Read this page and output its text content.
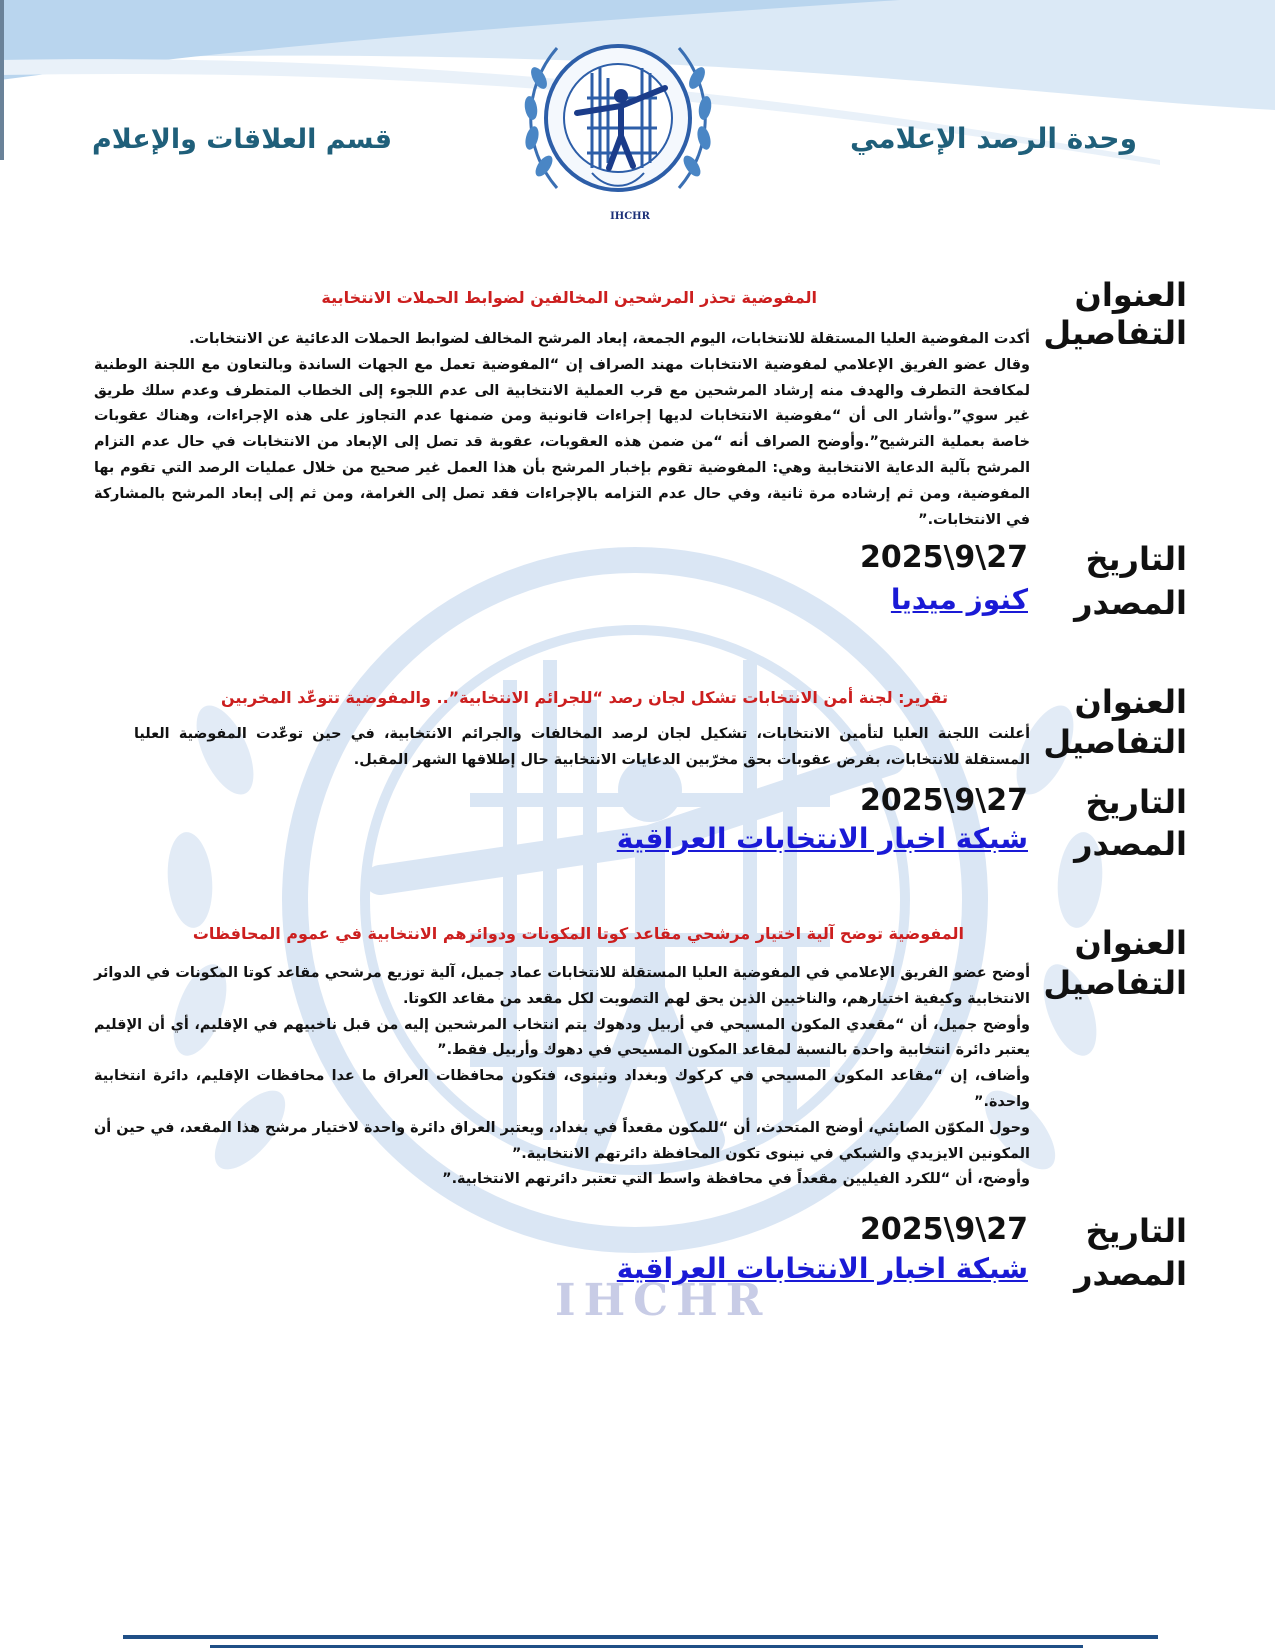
وحدة الرصد الإعلامي
قسم العلاقات والإعلام
IHCHR
IHCHR
العنوان
التفاصيل
المفوضية تحذر المرشحين المخالفين لضوابط الحملات الانتخابية

أكدت المفوضية العليا المستقلة للانتخابات، اليوم الجمعة، إبعاد المرشح المخالف لضوابط الحملات الدعائية عن الانتخابات.

وقال عضو الفريق الإعلامي لمفوضية الانتخابات مهند الصراف إن “المفوضية تعمل مع الجهات الساندة وبالتعاون مع اللجنة الوطنية لمكافحة التطرف والهدف منه إرشاد المرشحين مع قرب العملية الانتخابية الى عدم اللجوء إلى الخطاب المتطرف وعدم سلك طريق غير سوي”.وأشار الى أن “مفوضية الانتخابات لديها إجراءات قانونية ومن ضمنها عدم التجاوز على هذه الإجراءات، وهناك عقوبات خاصة بعملية الترشيح”.وأوضح الصراف أنه “من ضمن هذه العقوبات، عقوبة قد تصل إلى الإبعاد من الانتخابات في حال عدم التزام المرشح بآلية الدعاية الانتخابية وهي: المفوضية تقوم بإخبار المرشح بأن هذا العمل غير صحيح من خلال عمليات الرصد التي تقوم بها المفوضية، ومن ثم إرشاده مرة ثانية، وفي حال عدم التزامه بالإجراءات فقد تصل إلى الغرامة، ومن ثم إلى إبعاد المرشح بالمشاركة في الانتخابات.”

التاريخ
2025\9\27
المصدر
كنوز ميديا
العنوان
التفاصيل
تقرير: لجنة أمن الانتخابات تشكل لجان رصد “للجرائم الانتخابية”.. والمفوضية تتوعّد المخربين

أعلنت اللجنة العليا لتأمين الانتخابات، تشكيل لجان لرصد المخالفات والجرائم الانتخابية، في حين توعّدت المفوضية العليا المستقلة للانتخابات، بفرض عقوبات بحق مخرّبين الدعايات الانتخابية حال إطلاقها الشهر المقبل.

التاريخ
2025\9\27
المصدر
شبكة اخبار الانتخابات العراقية
العنوان
التفاصيل
المفوضية توضح آلية اختيار مرشحي مقاعد كوتا المكونات ودوائرهم الانتخابية في عموم المحافظات

أوضح عضو الفريق الإعلامي في المفوضية العليا المستقلة للانتخابات عماد جميل، آلية توزيع مرشحي مقاعد كوتا المكونات في الدوائر الانتخابية وكيفية اختيارهم، والناخبين الذين يحق لهم التصويت لكل مقعد من مقاعد الكوتا.

وأوضح جميل، أن “مقعدي المكون المسيحي في أربيل ودهوك يتم انتخاب المرشحين إليه من قبل ناخبيهم في الإقليم، أي أن الإقليم يعتبر دائرة انتخابية واحدة بالنسبة لمقاعد المكون المسيحي في دهوك وأربيل فقط.”

وأضاف، إن “مقاعد المكون المسيحي في كركوك وبغداد ونينوى، فتكون محافظات العراق ما عدا محافظات الإقليم، دائرة انتخابية واحدة.”

وحول المكوّن الصابئي، أوضح المتحدث، أن “للمكون مقعداً في بغداد، ويعتبر العراق دائرة واحدة لاختيار مرشح هذا المقعد، في حين أن المكونين الايزيدي والشبكي في نينوى تكون المحافظة دائرتهم الانتخابية.”

وأوضح، أن “للكرد الفيليين مقعداً في محافظة واسط التي تعتبر دائرتهم الانتخابية.”

التاريخ
2025\9\27
المصدر
شبكة اخبار الانتخابات العراقية
